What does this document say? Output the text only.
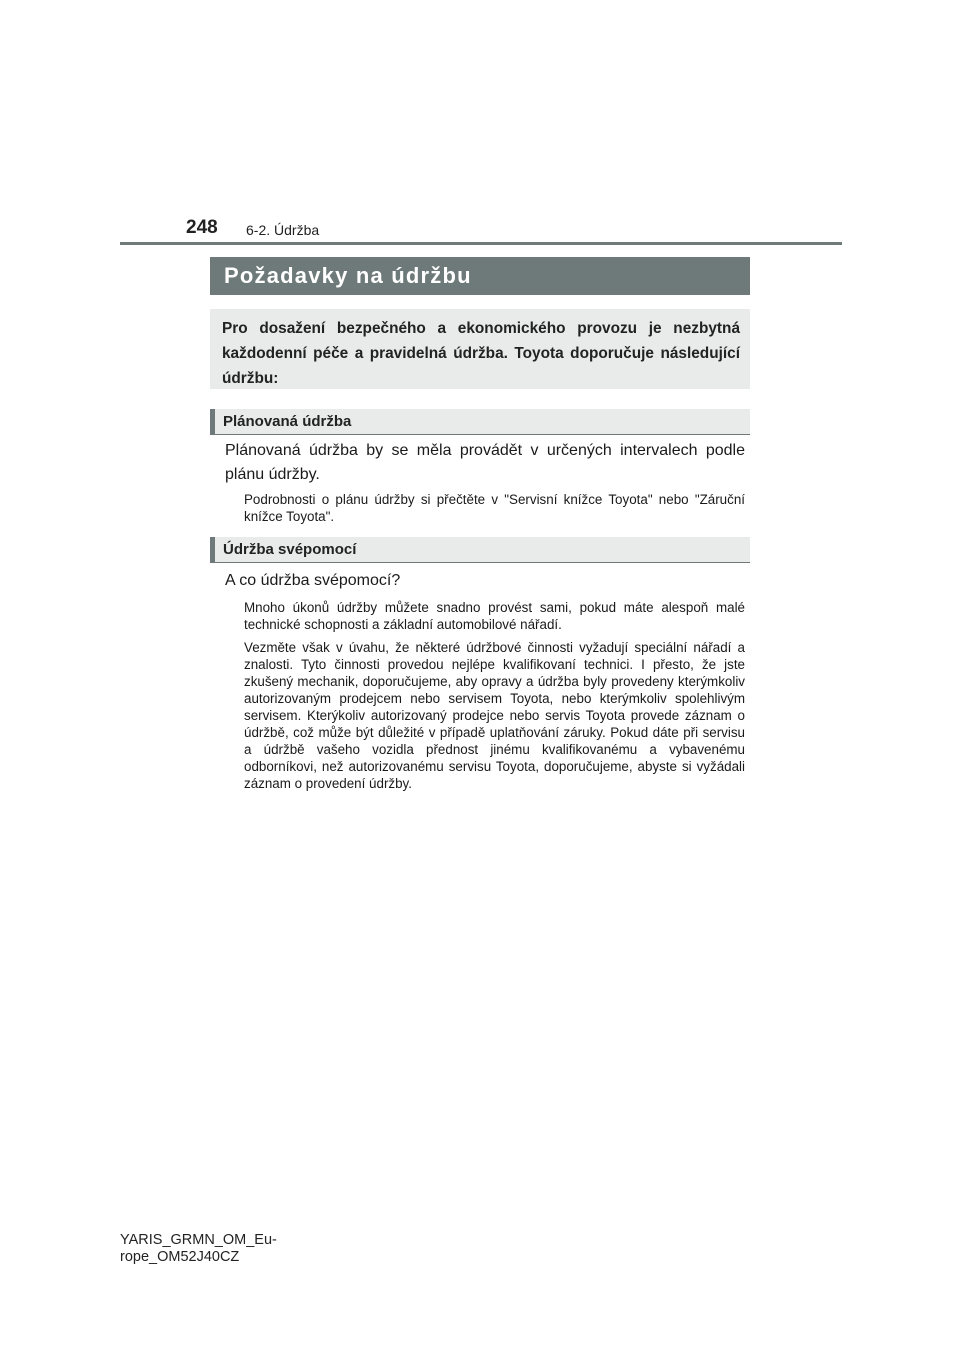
248 6-2. Údržba
Požadavky na údržbu

Pro dosažení bezpečného a ekonomického provozu je nezbytná každodenní péče a pravidelná údržba. Toyota doporučuje následující údržbu:

Plánovaná údržba

Plánovaná údržba by se měla provádět v určených intervalech podle plánu údržby.

Podrobnosti o plánu údržby si přečtěte v "Servisní knížce Toyota" nebo "Záruční knížce Toyota".

Údržba svépomocí

A co údržba svépomocí?

Mnoho úkonů údržby můžete snadno provést sami, pokud máte alespoň malé technické schopnosti a základní automobilové nářadí.

Vezměte však v úvahu, že některé údržbové činnosti vyžadují speciální nářadí a znalosti. Tyto činnosti provedou nejlépe kvalifikovaní technici. I přesto, že jste zkušený mechanik, doporučujeme, aby opravy a údržba byly provedeny kterýmkoliv autorizovaným prodejcem nebo servisem Toyota, nebo kterýmkoliv spolehlivým servisem. Kterýkoliv autorizovaný prodejce nebo servis Toyota provede záznam o údržbě, což může být důležité v případě uplatňování záruky. Pokud dáte při servisu a údržbě vašeho vozidla přednost jinému kvalifikovanému a vybavenému odborníkovi, než autorizovanému servisu Toyota, doporučujeme, abyste si vyžádali záznam o provedení údržby.

YARIS_GRMN_OM_Eu-
rope_OM52J40CZ
